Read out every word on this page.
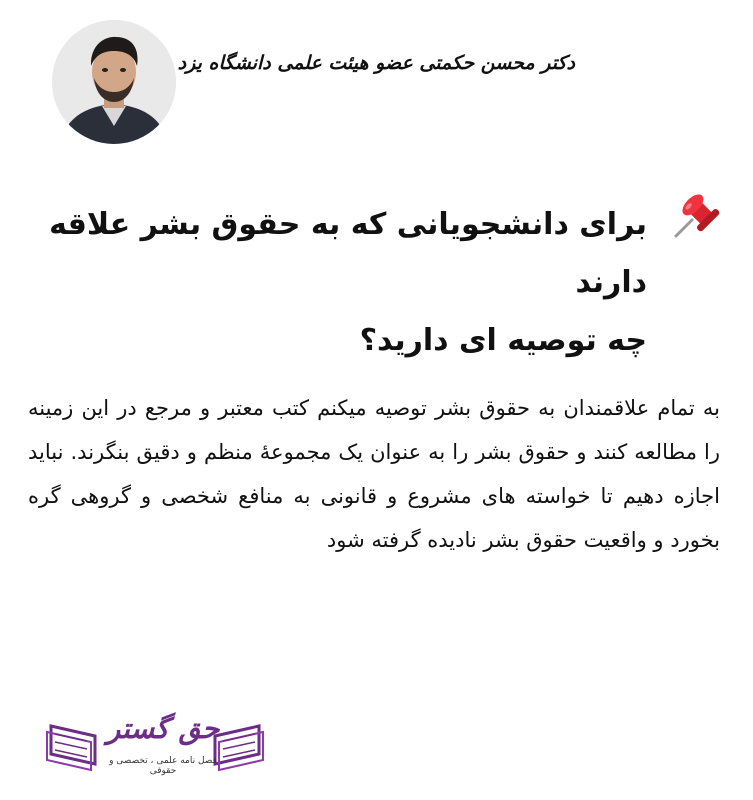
دکتر محسن حکمتی عضو هیئت علمی دانشگاه یزد
برای دانشجویانی که به حقوق بشر علاقه دارند
چه توصیه ای دارید؟
به تمام علاقمندان به حقوق بشر توصیه میکنم کتب معتبر و مرجع در این زمینه را مطالعه کنند و حقوق بشر را به عنوان یک مجموعهٔ منظم و دقیق بنگرند. نباید اجازه دهیم تا خواسته های مشروع و قانونی به منافع شخصی و گروهی گره بخورد و واقعیت حقوق بشر نادیده گرفته شود
حق گستر
فصل نامه علمی ، تخصصی و حقوقی
